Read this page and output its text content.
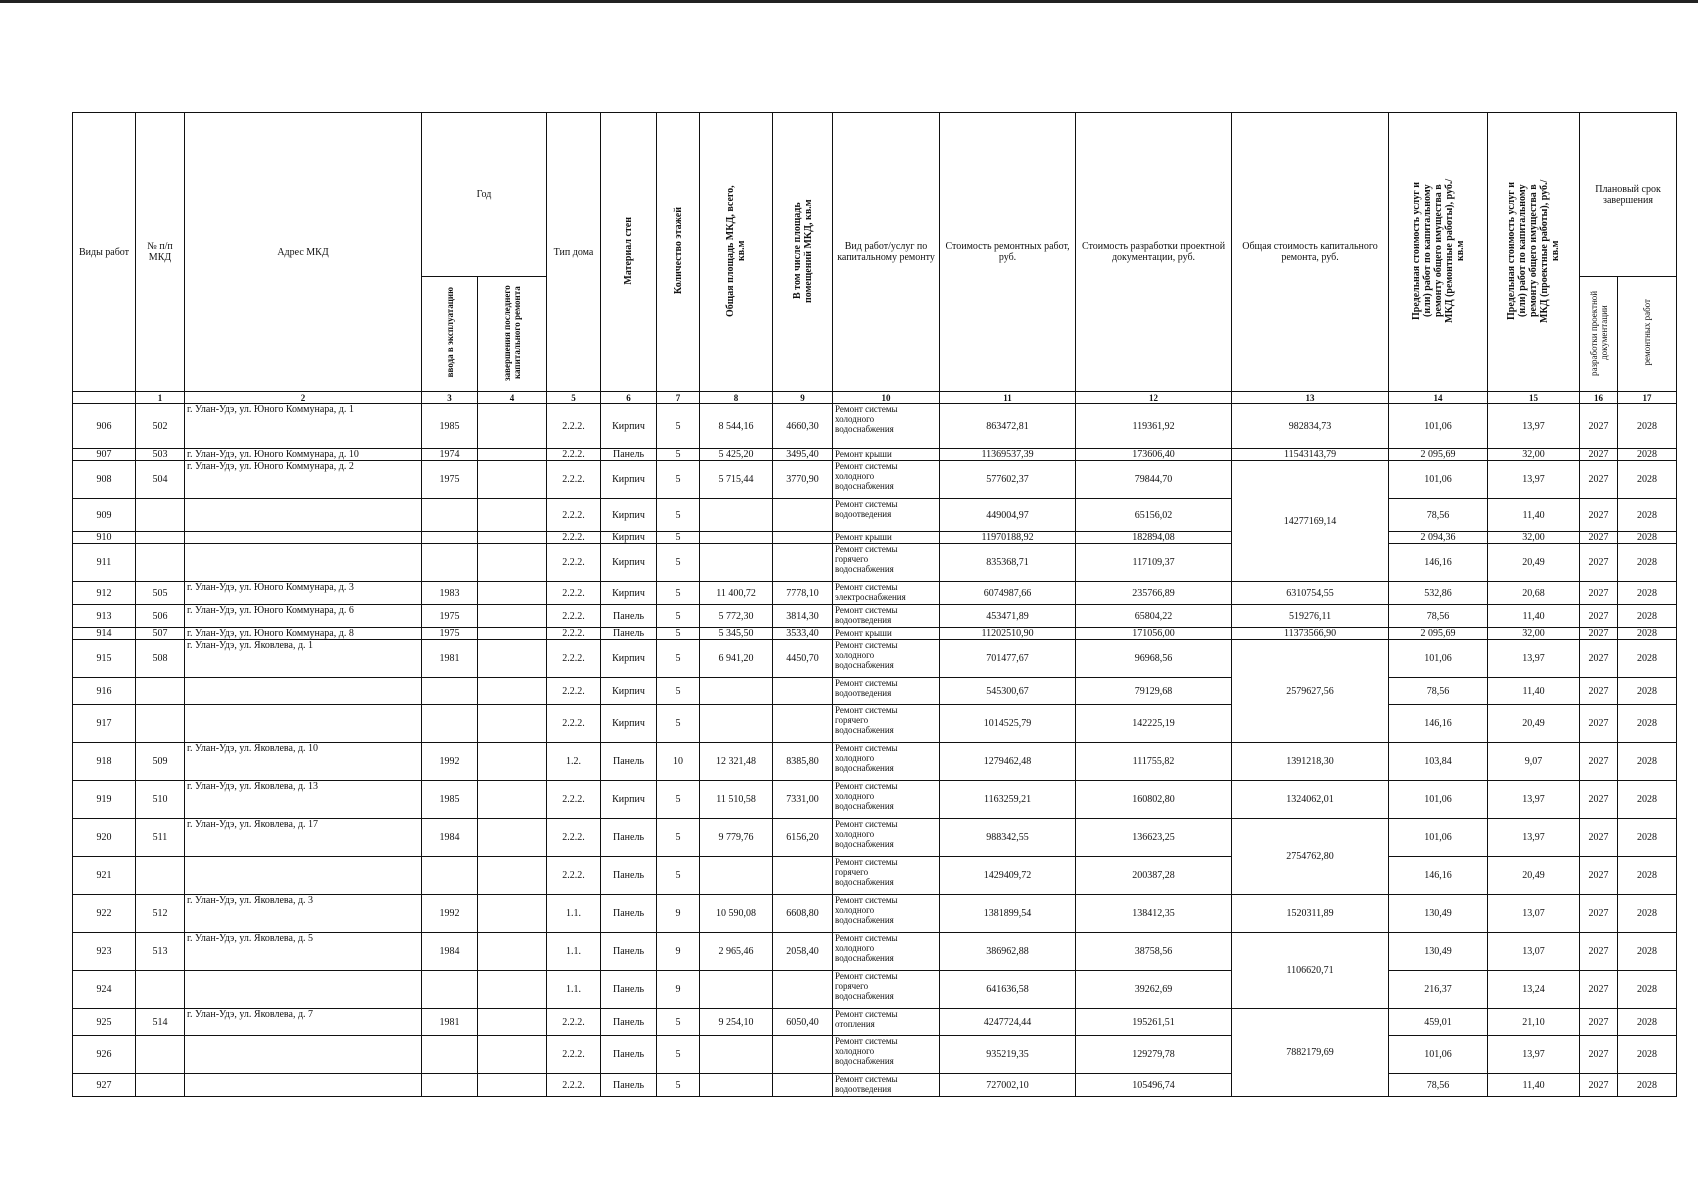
Виды работ	№ п/п МКД	Адрес МКД	Год		Тип дома	Материал стен	Количество этажей	Общая площадь МКД, всего, кв.м	В том числе площадь помещений МКД, кв.м	Вид работ/услуг по капитальному ремонту	Стоимость ремонтных работ, руб.	Стоимость разработки проектной документации, руб.	Общая стоимость капитального ремонта, руб.	Предельная стоимость услуг и (или) работ по капитальному ремонту общего имущества в МКД (ремонтные работы), руб./кв.м	Предельная стоимость услуг и (или) работ по капитальному ремонту общего имущества в МКД (проектные работы), руб./кв.м	Плановый срок завершения	
			ввода в эксплуатацию	завершения последнего капитального ремонта												разработки проектной документации	ремонтных работ
	1	2	3	4	5	6	7	8	9	10	11	12	13	14	15	16	17
906	502	г. Улан-Удэ, ул. Юного Коммунара, д. 1	1985		2.2.2.	Кирпич	5	8 544,16	4660,30	Ремонт системы
холодного
водоснабжения	863472,81	119361,92	982834,73	101,06	13,97	2027	2028
907	503	г. Улан-Удэ, ул. Юного Коммунара, д. 10	1974		2.2.2.	Панель	5	5 425,20	3495,40	Ремонт крыши	11369537,39	173606,40	11543143,79	2 095,69	32,00	2027	2028
908	504	г. Улан-Удэ, ул. Юного Коммунара, д. 2	1975		2.2.2.	Кирпич	5	5 715,44	3770,90	Ремонт системы
холодного
водоснабжения	577602,37	79844,70	14277169,14	101,06	13,97	2027	2028
909					2.2.2.	Кирпич	5			Ремонт системы
водоотведения	449004,97	65156,02		78,56	11,40	2027	2028
910					2.2.2.	Кирпич	5			Ремонт крыши	11970188,92	182894,08		2 094,36	32,00	2027	2028
911					2.2.2.	Кирпич	5			Ремонт системы
горячего
водоснабжения	835368,71	117109,37		146,16	20,49	2027	2028
912	505	г. Улан-Удэ, ул. Юного Коммунара, д. 3	1983		2.2.2.	Кирпич	5	11 400,72	7778,10	Ремонт системы
электроснабжения	6074987,66	235766,89	6310754,55	532,86	20,68	2027	2028
913	506	г. Улан-Удэ, ул. Юного Коммунара, д. 6	1975		2.2.2.	Панель	5	5 772,30	3814,30	Ремонт системы
водоотведения	453471,89	65804,22	519276,11	78,56	11,40	2027	2028
914	507	г. Улан-Удэ, ул. Юного Коммунара, д. 8	1975		2.2.2.	Панель	5	5 345,50	3533,40	Ремонт крыши	11202510,90	171056,00	11373566,90	2 095,69	32,00	2027	2028
915	508	г. Улан-Удэ, ул. Яковлева, д. 1	1981		2.2.2.	Кирпич	5	6 941,20	4450,70	Ремонт системы
холодного
водоснабжения	701477,67	96968,56	2579627,56	101,06	13,97	2027	2028
916					2.2.2.	Кирпич	5			Ремонт системы
водоотведения	545300,67	79129,68		78,56	11,40	2027	2028
917					2.2.2.	Кирпич	5			Ремонт системы
горячего
водоснабжения	1014525,79	142225,19		146,16	20,49	2027	2028
918	509	г. Улан-Удэ, ул. Яковлева, д. 10	1992		1.2.	Панель	10	12 321,48	8385,80	Ремонт системы
холодного
водоснабжения	1279462,48	111755,82	1391218,30	103,84	9,07	2027	2028
919	510	г. Улан-Удэ, ул. Яковлева, д. 13	1985		2.2.2.	Кирпич	5	11 510,58	7331,00	Ремонт системы
холодного
водоснабжения	1163259,21	160802,80	1324062,01	101,06	13,97	2027	2028
920	511	г. Улан-Удэ, ул. Яковлева, д. 17	1984		2.2.2.	Панель	5	9 779,76	6156,20	Ремонт системы
холодного
водоснабжения	988342,55	136623,25	2754762,80	101,06	13,97	2027	2028
921					2.2.2.	Панель	5			Ремонт системы
горячего
водоснабжения	1429409,72	200387,28		146,16	20,49	2027	2028
922	512	г. Улан-Удэ, ул. Яковлева, д. 3	1992		1.1.	Панель	9	10 590,08	6608,80	Ремонт системы
холодного
водоснабжения	1381899,54	138412,35	1520311,89	130,49	13,07	2027	2028
923	513	г. Улан-Удэ, ул. Яковлева, д. 5	1984		1.1.	Панель	9	2 965,46	2058,40	Ремонт системы
холодного
водоснабжения	386962,88	38758,56	1106620,71	130,49	13,07	2027	2028
924					1.1.	Панель	9			Ремонт системы
горячего
водоснабжения	641636,58	39262,69		216,37	13,24	2027	2028
925	514	г. Улан-Удэ, ул. Яковлева, д. 7	1981		2.2.2.	Панель	5	9 254,10	6050,40	Ремонт системы
отопления	4247724,44	195261,51	7882179,69	459,01	21,10	2027	2028
926					2.2.2.	Панель	5			Ремонт системы
холодного
водоснабжения	935219,35	129279,78		101,06	13,97	2027	2028
927					2.2.2.	Панель	5			Ремонт системы
водоотведения	727002,10	105496,74		78,56	11,40	2027	2028
